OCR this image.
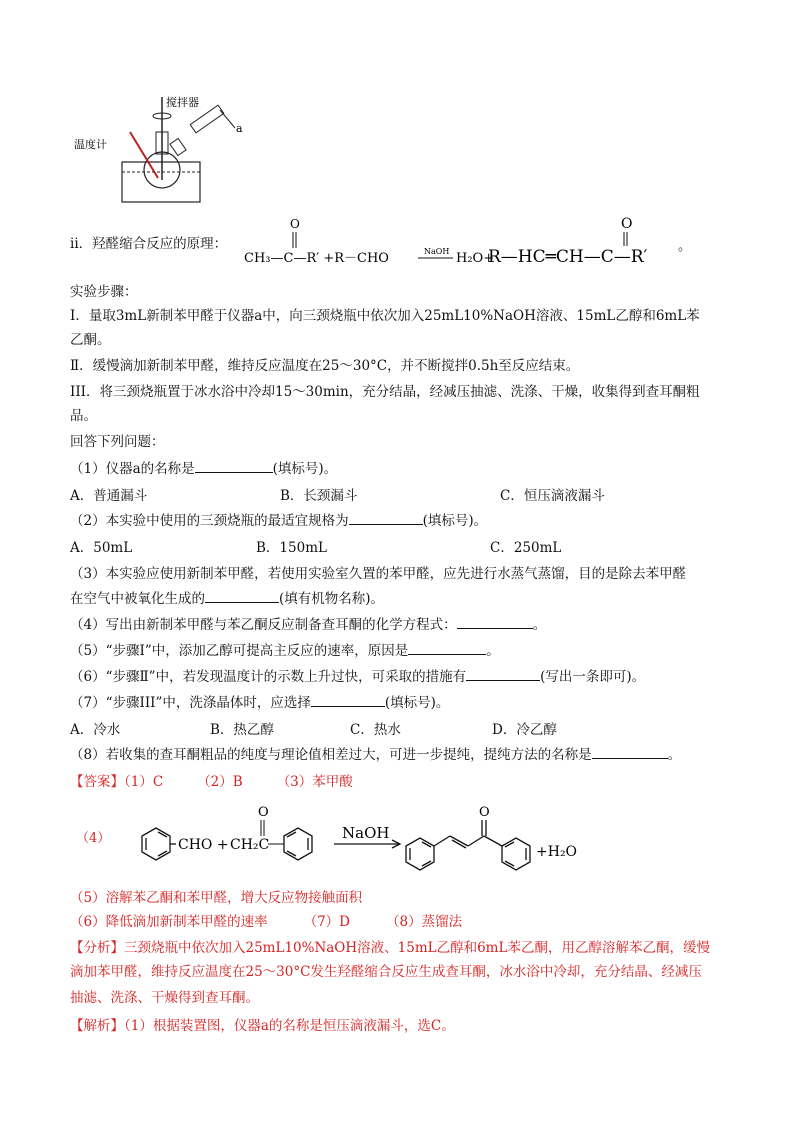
搅拌器
温度计
a
ii．羟醛缩合反应的原理：
O
CH₃—C—R′ +R－CHO	NaOH H₂O+
R—HC═CH—C—R′
O
。
实验步骤：
Ⅰ．量取3mL新制苯甲醛于仪器a中，向三颈烧瓶中依次加入25mL10%NaOH溶液、15mL乙醇和6mL苯
乙酮。
Ⅱ．缓慢滴加新制苯甲醛，维持反应温度在25～30°C，并不断搅拌0.5h至反应结束。
III．将三颈烧瓶置于冰水浴中冷却15～30min，充分结晶，经减压抽滤、洗涤、干燥，收集得到查耳酮粗
品。
回答下列问题：
（1）仪器a的名称是	(填标号)。
A．普通漏斗	B．长颈漏斗	C．恒压滴液漏斗
（2）本实验中使用的三颈烧瓶的最适宜规格为	(填标号)。
A．50mL	B．150mL	C．250mL
（3）本实验应使用新制苯甲醛，若使用实验室久置的苯甲醛，应先进行水蒸气蒸馏，目的是除去苯甲醛
在空气中被氧化生成的	(填有机物名称)。
（4）写出由新制苯甲醛与苯乙酮反应制备查耳酮的化学方程式：	。
（5）“步骤Ⅰ”中，添加乙醇可提高主反应的速率，原因是	。
（6）“步骤Ⅱ”中，若发现温度计的示数上升过快，可采取的措施有	(写出一条即可)。
（7）“步骤III”中，洗涤晶体时，应选择	(填标号)。
A．冷水	B．热乙醇	C．热水	D．冷乙醇
（8）若收集的查耳酮粗品的纯度与理论值相差过大，可进一步提纯，提纯方法的名称是	。
【答案】（1）C	（2）B	（3）苯甲酸
（4）	CHO + CH₂C
O
NaOH
O
+H₂O
（5）溶解苯乙酮和苯甲醛，增大反应物接触面积
（6）降低滴加新制苯甲醛的速率	（7）D	（8）蒸馏法
【分析】三颈烧瓶中依次加入25mL10%NaOH溶液、15mL乙醇和6mL苯乙酮，用乙醇溶解苯乙酮，缓慢
滴加苯甲醛，维持反应温度在25～30°C发生羟醛缩合反应生成查耳酮，冰水浴中冷却，充分结晶、经减压
抽滤、洗涤、干燥得到查耳酮。
【解析】（1）根据装置图，仪器a的名称是恒压滴液漏斗，选C。
